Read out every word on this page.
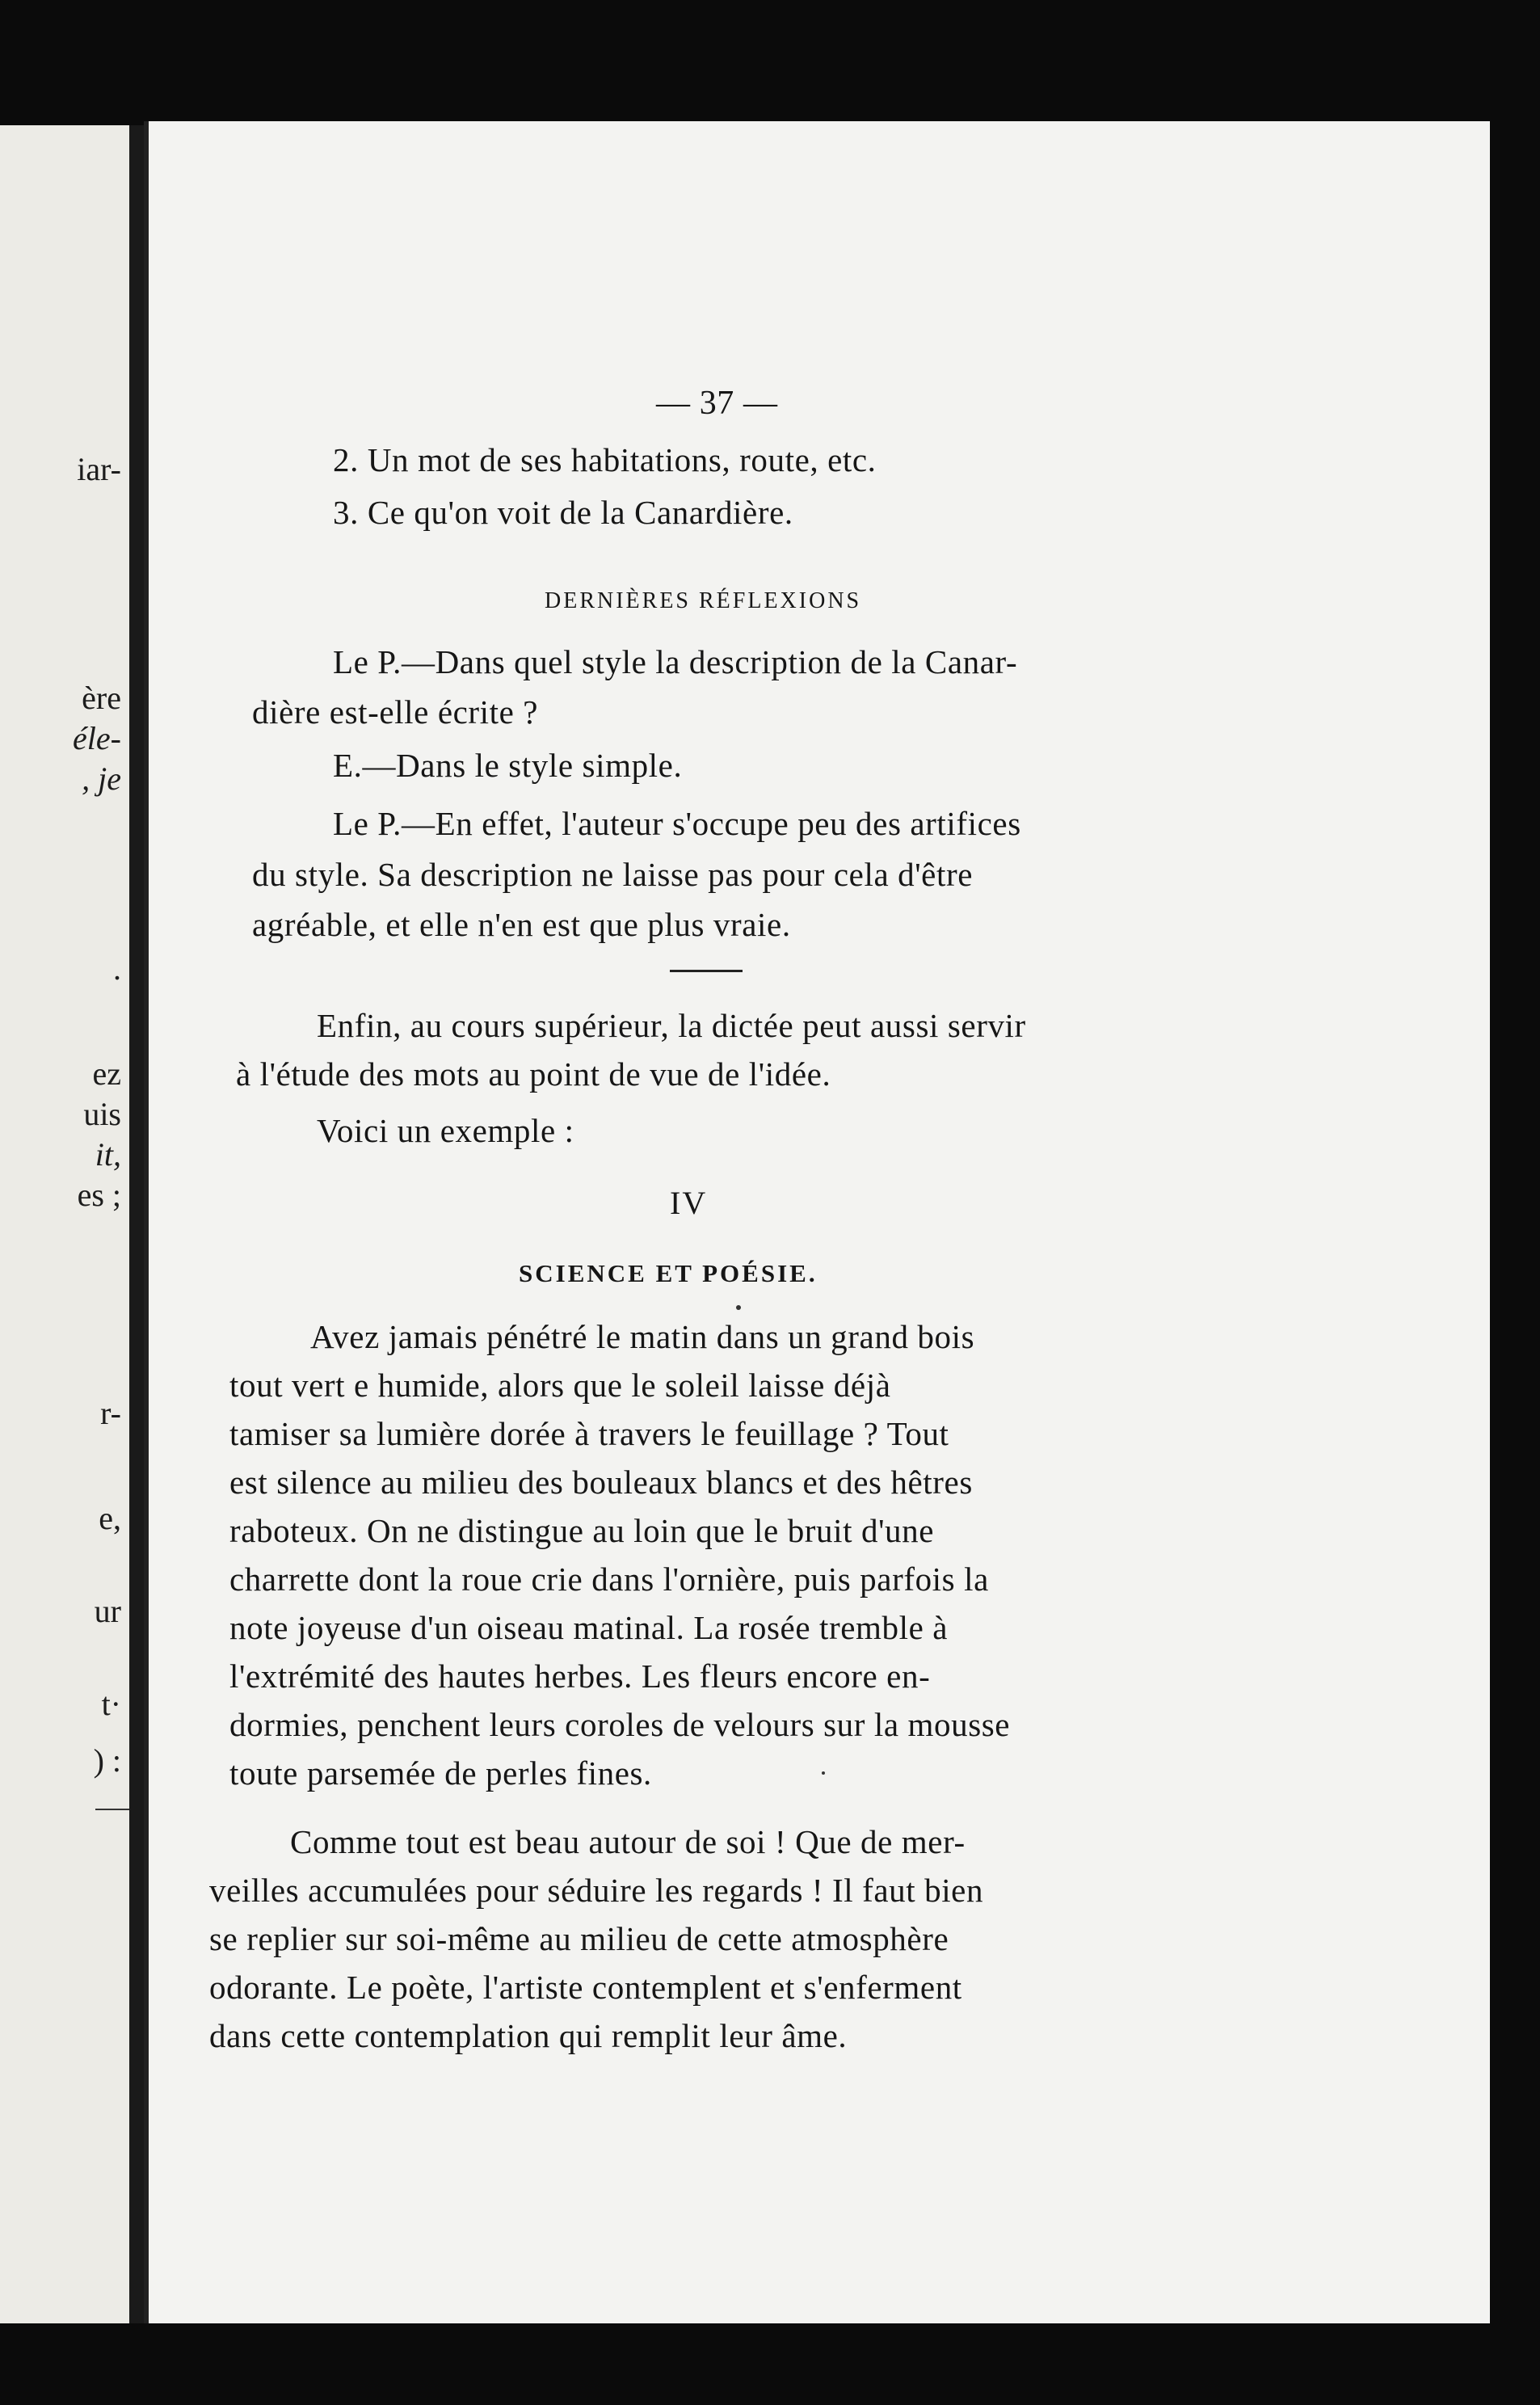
iar-
ère
éle-
, je
.
ez
uis
it,
es ;
r-
e,
ur
t·
) :
— 37 —
2. Un mot de ses habitations, route, etc.
3. Ce qu'on voit de la Canardière.
DERNIÈRES RÉFLEXIONS
Le P.—Dans quel style la description de la Canar-
dière est-elle écrite ?
E.—Dans le style simple.
Le P.—En effet, l'auteur s'occupe peu des artifices
du style. Sa description ne laisse pas pour cela d'être
agréable, et elle n'en est que plus vraie.
Enfin, au cours supérieur, la dictée peut aussi servir
à l'étude des mots au point de vue de l'idée.
Voici un exemple :
IV
SCIENCE ET POÉSIE.
Avez jamais pénétré le matin dans un grand bois
tout vert e humide, alors que le soleil laisse déjà
tamiser sa lumière dorée à travers le feuillage ? Tout
est silence au milieu des bouleaux blancs et des hêtres
raboteux. On ne distingue au loin que le bruit d'une
charrette dont la roue crie dans l'ornière, puis parfois la
note joyeuse d'un oiseau matinal. La rosée tremble à
l'extrémité des hautes herbes. Les fleurs encore en-
dormies, penchent leurs coroles de velours sur la mousse
toute parsemée de perles fines.
Comme tout est beau autour de soi ! Que de mer-
veilles accumulées pour séduire les regards ! Il faut bien
se replier sur soi-même au milieu de cette atmosphère
odorante. Le poète, l'artiste contemplent et s'enferment
dans cette contemplation qui remplit leur âme.
